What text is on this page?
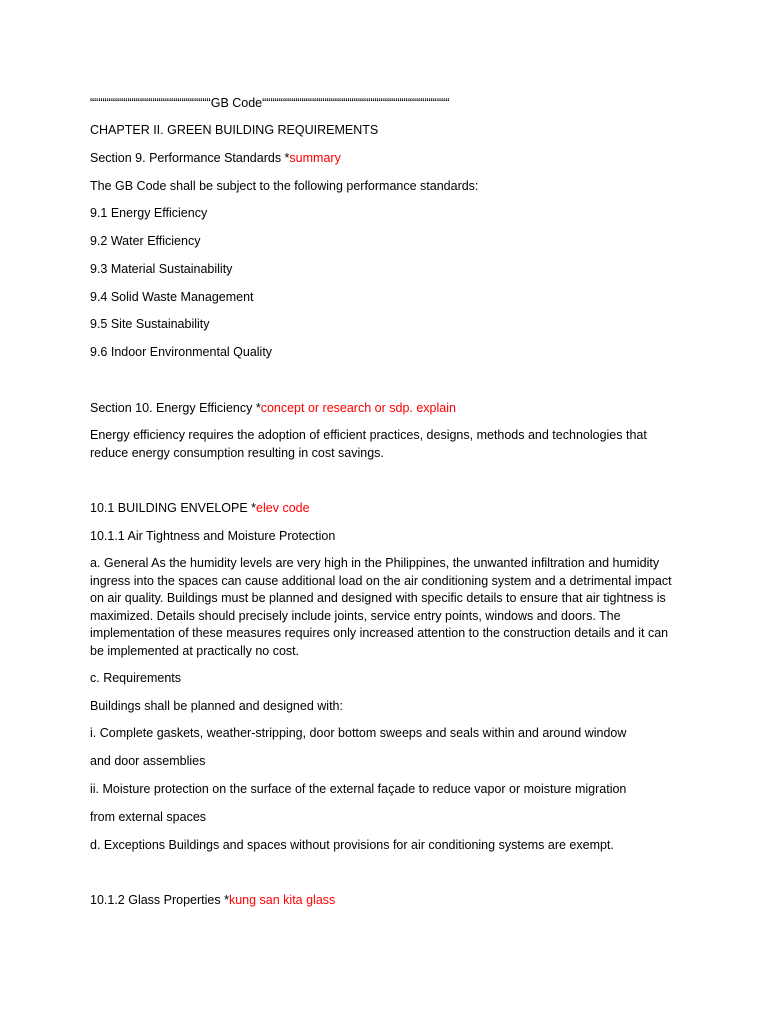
“““““““““““““““““““““““““““““GB Code“““““““““““““““““““““““““““““““““““““““““““““
CHAPTER II. GREEN BUILDING REQUIREMENTS
Section 9. Performance Standards *summary
The GB Code shall be subject to the following performance standards:
9.1 Energy Efficiency
9.2 Water Efficiency
9.3 Material Sustainability
9.4 Solid Waste Management
9.5 Site Sustainability
9.6 Indoor Environmental Quality
Section 10. Energy Efficiency *concept or research or sdp. explain
Energy efficiency requires the adoption of efficient practices, designs, methods and technologies that reduce energy consumption resulting in cost savings.
10.1 BUILDING ENVELOPE *elev code
10.1.1 Air Tightness and Moisture Protection
a. General As the humidity levels are very high in the Philippines, the unwanted infiltration and humidity ingress into the spaces can cause additional load on the air conditioning system and a detrimental impact on air quality. Buildings must be planned and designed with specific details to ensure that air tightness is maximized. Details should precisely include joints, service entry points, windows and doors. The implementation of these measures requires only increased attention to the construction details and it can be implemented at practically no cost.
c. Requirements
Buildings shall be planned and designed with:
i. Complete gaskets, weather-stripping, door bottom sweeps and seals within and around window
and door assemblies
ii. Moisture protection on the surface of the external façade to reduce vapor or moisture migration
from external spaces
d. Exceptions Buildings and spaces without provisions for air conditioning systems are exempt.
10.1.2 Glass Properties *kung san kita glass
